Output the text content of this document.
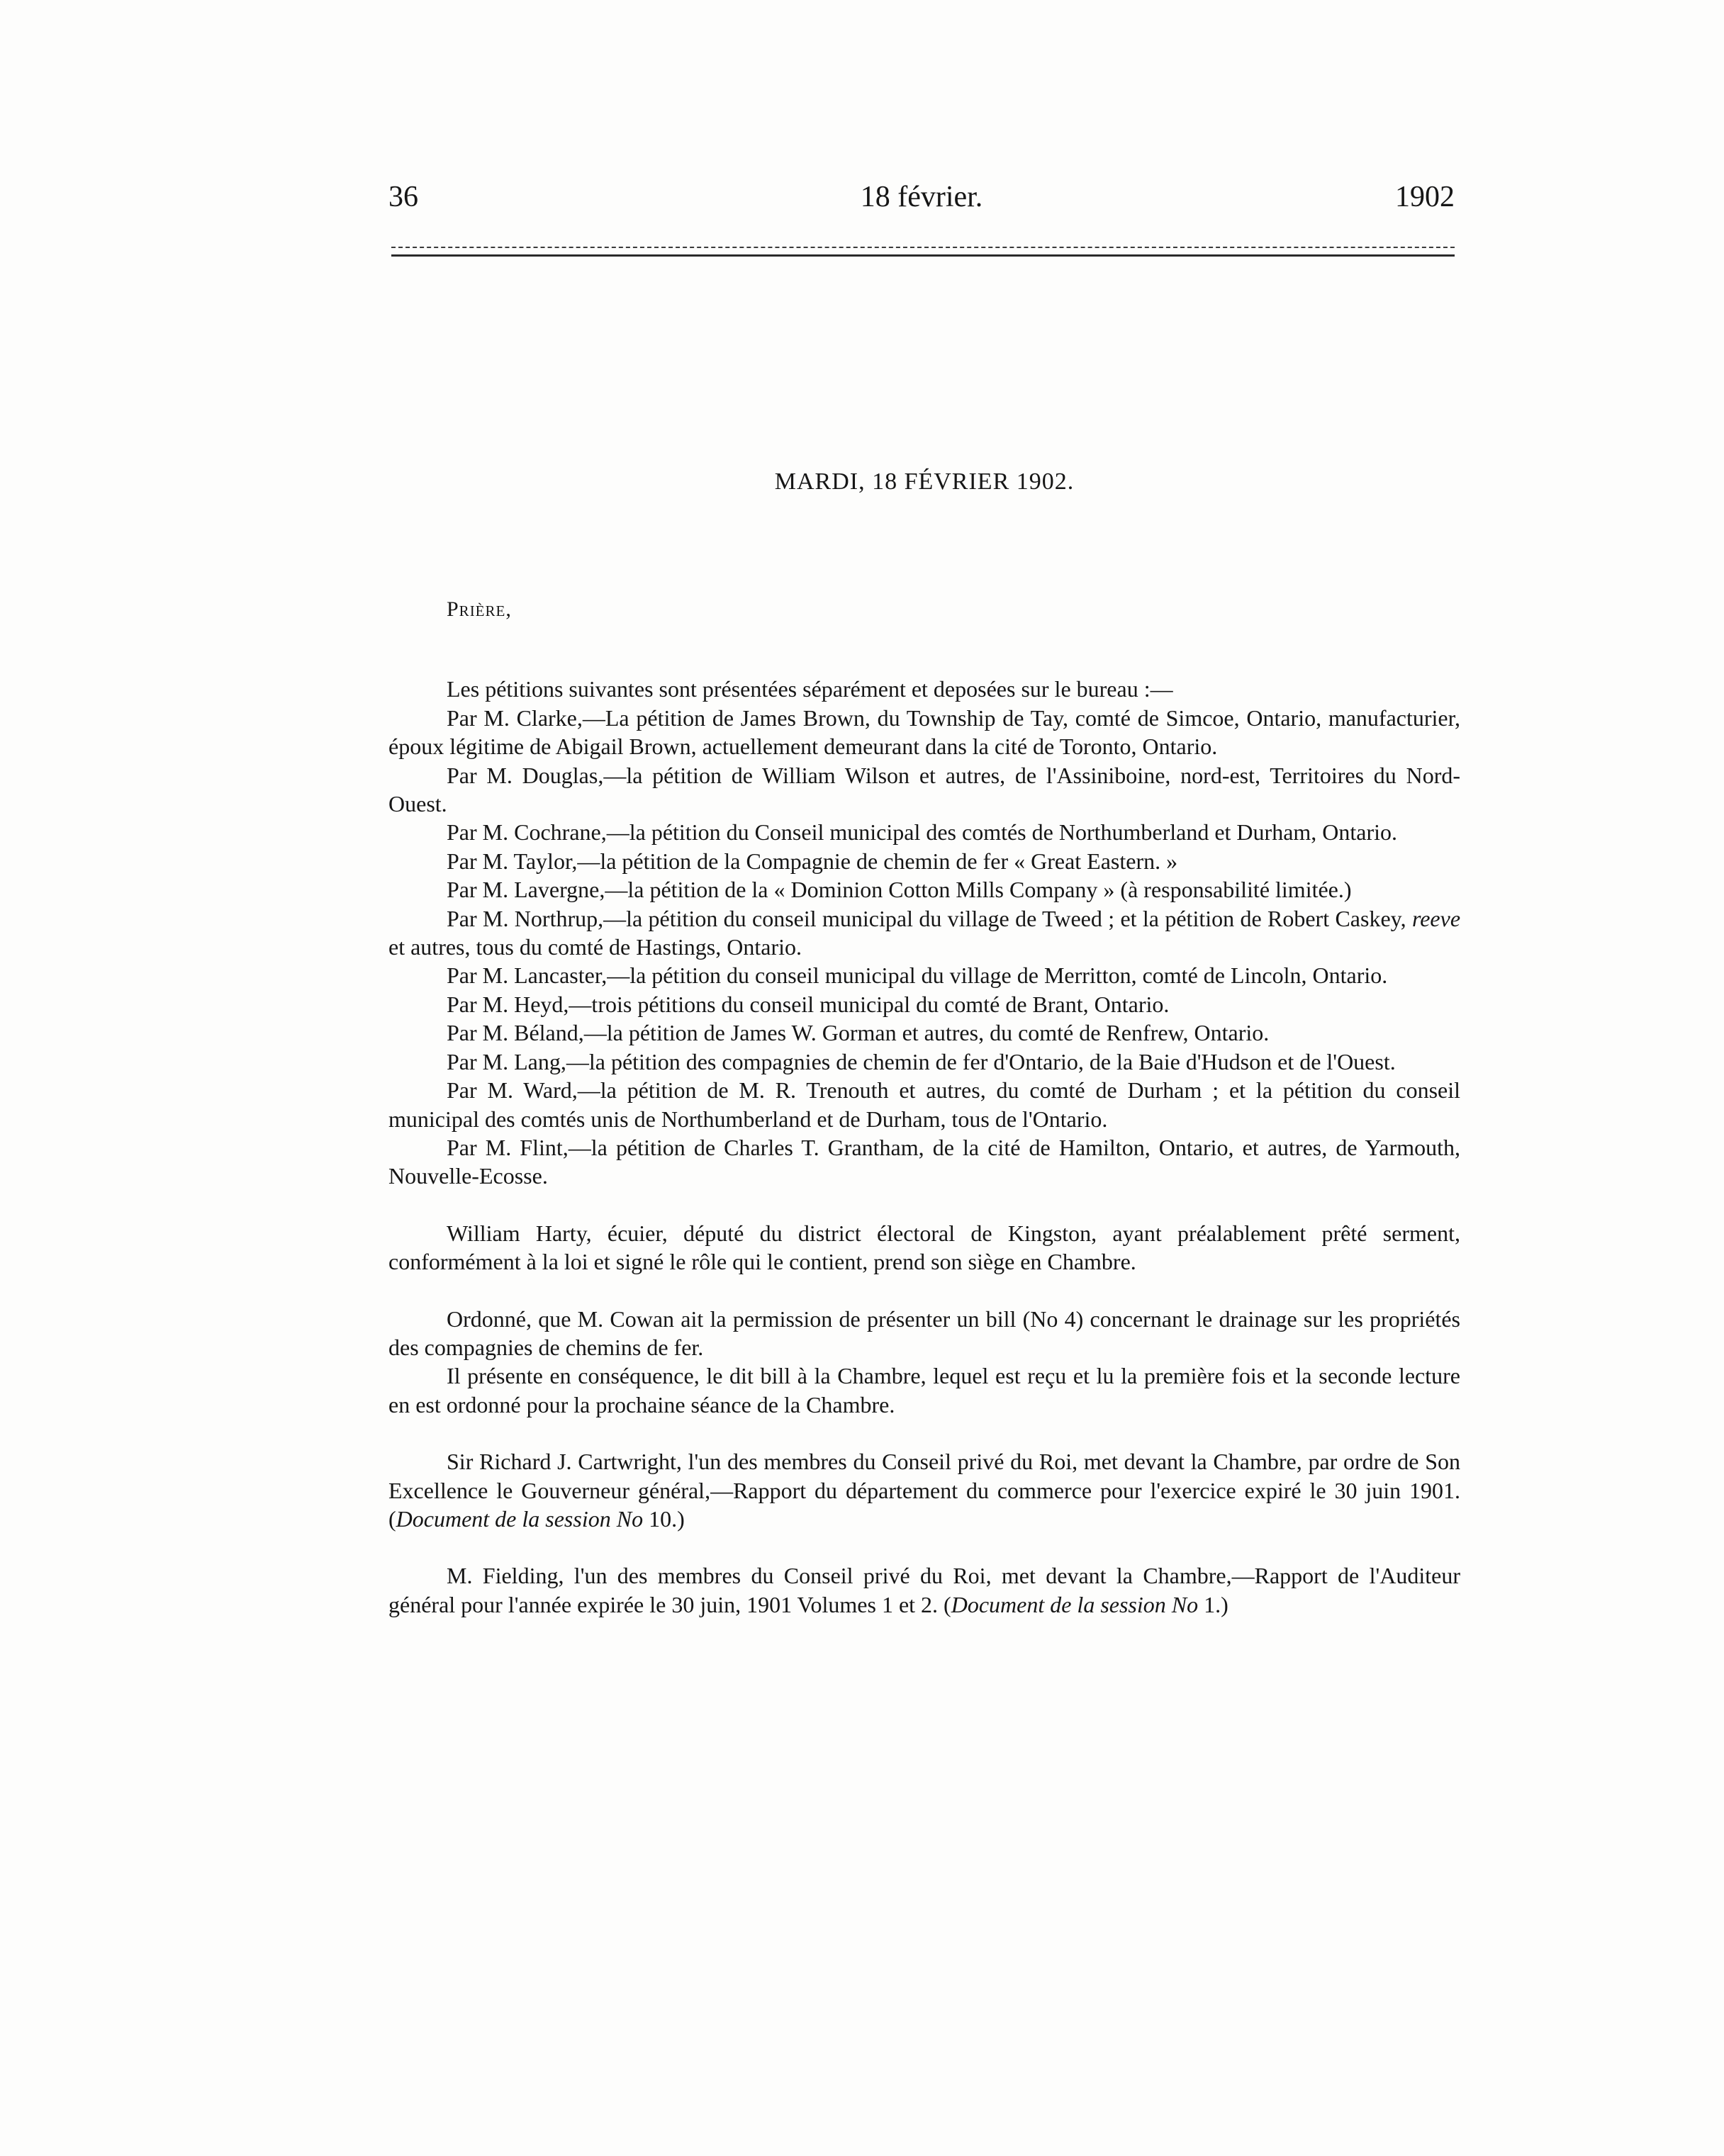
36	18 février.	1902

MARDI, 18 FÉVRIER 1902.

Prière,

Les pétitions suivantes sont présentées séparément et deposées sur le bureau :—

Par M. Clarke,—La pétition de James Brown, du Township de Tay, comté de Simcoe, Ontario, manufacturier, époux légitime de Abigail Brown, actuellement demeurant dans la cité de Toronto, Ontario.

Par M. Douglas,—la pétition de William Wilson et autres, de l'Assiniboine, nord-est, Territoires du Nord-Ouest.

Par M. Cochrane,—la pétition du Conseil municipal des comtés de Northumberland et Durham, Ontario.

Par M. Taylor,—la pétition de la Compagnie de chemin de fer « Great Eastern. »

Par M. Lavergne,—la pétition de la « Dominion Cotton Mills Company » (à responsabilité limitée.)

Par M. Northrup,—la pétition du conseil municipal du village de Tweed ; et la pétition de Robert Caskey, reeve et autres, tous du comté de Hastings, Ontario.

Par M. Lancaster,—la pétition du conseil municipal du village de Merritton, comté de Lincoln, Ontario.

Par M. Heyd,—trois pétitions du conseil municipal du comté de Brant, Ontario.

Par M. Béland,—la pétition de James W. Gorman et autres, du comté de Renfrew, Ontario.

Par M. Lang,—la pétition des compagnies de chemin de fer d'Ontario, de la Baie d'Hudson et de l'Ouest.

Par M. Ward,—la pétition de M. R. Trenouth et autres, du comté de Durham ; et la pétition du conseil municipal des comtés unis de Northumberland et de Durham, tous de l'Ontario.

Par M. Flint,—la pétition de Charles T. Grantham, de la cité de Hamilton, Ontario, et autres, de Yarmouth, Nouvelle-Ecosse.

William Harty, écuier, député du district électoral de Kingston, ayant préalablement prêté serment, conformément à la loi et signé le rôle qui le contient, prend son siège en Chambre.

Ordonné, que M. Cowan ait la permission de présenter un bill (No 4) concernant le drainage sur les propriétés des compagnies de chemins de fer.

Il présente en conséquence, le dit bill à la Chambre, lequel est reçu et lu la première fois et la seconde lecture en est ordonné pour la prochaine séance de la Chambre.

Sir Richard J. Cartwright, l'un des membres du Conseil privé du Roi, met devant la Chambre, par ordre de Son Excellence le Gouverneur général,—Rapport du département du commerce pour l'exercice expiré le 30 juin 1901. (Document de la session No 10.)

M. Fielding, l'un des membres du Conseil privé du Roi, met devant la Chambre,—Rapport de l'Auditeur général pour l'année expirée le 30 juin, 1901 Volumes 1 et 2. (Document de la session No 1.)
